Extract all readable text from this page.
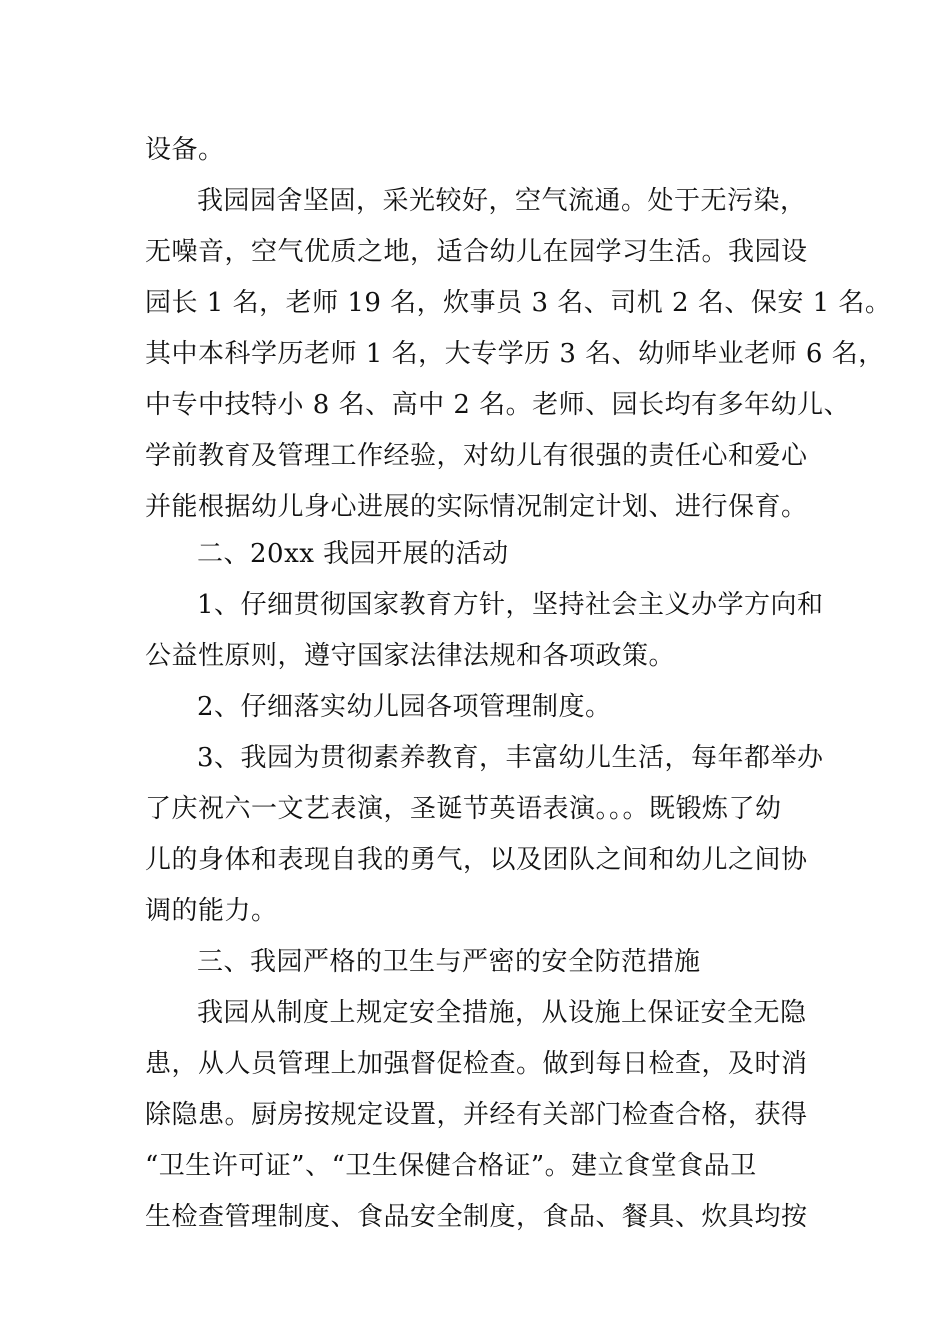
设备。
我园园舍坚固，采光较好，空气流通。处于无污染，
无噪音，空气优质之地，适合幼儿在园学习生活。我园设
园长 1 名，老师 19 名，炊事员 3 名、司机 2 名、保安 1 名。
其中本科学历老师 1 名，大专学历 3 名、幼师毕业老师 6 名，
中专中技特小 8 名、高中 2 名。老师、园长均有多年幼儿、
学前教育及管理工作经验，对幼儿有很强的责任心和爱心
并能根据幼儿身心进展的实际情况制定计划、进行保育。
二、20xx 我园开展的活动
1、仔细贯彻国家教育方针，坚持社会主义办学方向和
公益性原则，遵守国家法律法规和各项政策。
2、仔细落实幼儿园各项管理制度。
3、我园为贯彻素养教育，丰富幼儿生活，每年都举办
了庆祝六一文艺表演，圣诞节英语表演。。。既锻炼了幼
儿的身体和表现自我的勇气，以及团队之间和幼儿之间协
调的能力。
三、我园严格的卫生与严密的安全防范措施
我园从制度上规定安全措施，从设施上保证安全无隐
患，从人员管理上加强督促检查。做到每日检查，及时消
除隐患。厨房按规定设置，并经有关部门检查合格，获得
“卫生许可证”、“卫生保健合格证”。建立食堂食品卫
生检查管理制度、食品安全制度，食品、餐具、炊具均按
